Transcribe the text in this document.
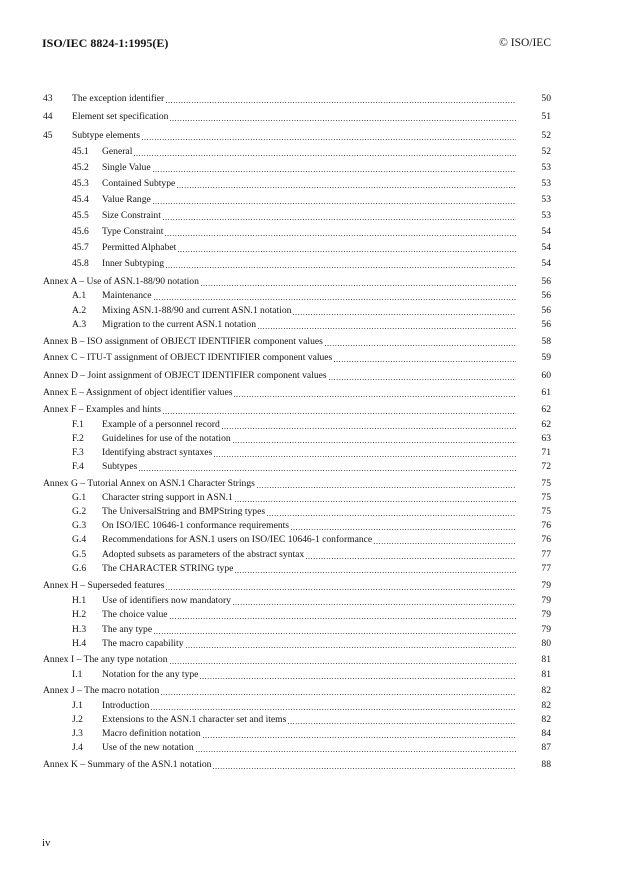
ISO/IEC 8824-1:1995(E)	© ISO/IEC
43 The exception identifier	50
44 Element set specification	51
45 Subtype elements	52
45.1 General	52
45.2 Single Value	53
45.3 Contained Subtype	53
45.4 Value Range	53
45.5 Size Constraint	53
45.6 Type Constraint	54
45.7 Permitted Alphabet	54
45.8 Inner Subtyping	54
Annex A – Use of ASN.1-88/90 notation	56
A.1 Maintenance	56
A.2 Mixing ASN.1-88/90 and current ASN.1 notation	56
A.3 Migration to the current ASN.1 notation	56
Annex B – ISO assignment of OBJECT IDENTIFIER component values	58
Annex C – ITU-T assignment of OBJECT IDENTIFIER component values	59
Annex D – Joint assignment of OBJECT IDENTIFIER component values	60
Annex E – Assignment of object identifier values	61
Annex F – Examples and hints	62
F.1 Example of a personnel record	62
F.2 Guidelines for use of the notation	63
F.3 Identifying abstract syntaxes	71
F.4 Subtypes	72
Annex G – Tutorial Annex on ASN.1 Character Strings	75
G.1 Character string support in ASN.1	75
G.2 The UniversalString and BMPString types	75
G.3 On ISO/IEC 10646-1 conformance requirements	76
G.4 Recommendations for ASN.1 users on ISO/IEC 10646-1 conformance	76
G.5 Adopted subsets as parameters of the abstract syntax	77
G.6 The CHARACTER STRING type	77
Annex H – Superseded features	79
H.1 Use of identifiers now mandatory	79
H.2 The choice value	79
H.3 The any type	79
H.4 The macro capability	80
Annex I – The any type notation	81
I.1 Notation for the any type	81
Annex J – The macro notation	82
J.1 Introduction	82
J.2 Extensions to the ASN.1 character set and items	82
J.3 Macro definition notation	84
J.4 Use of the new notation	87
Annex K – Summary of the ASN.1 notation	88
iv
